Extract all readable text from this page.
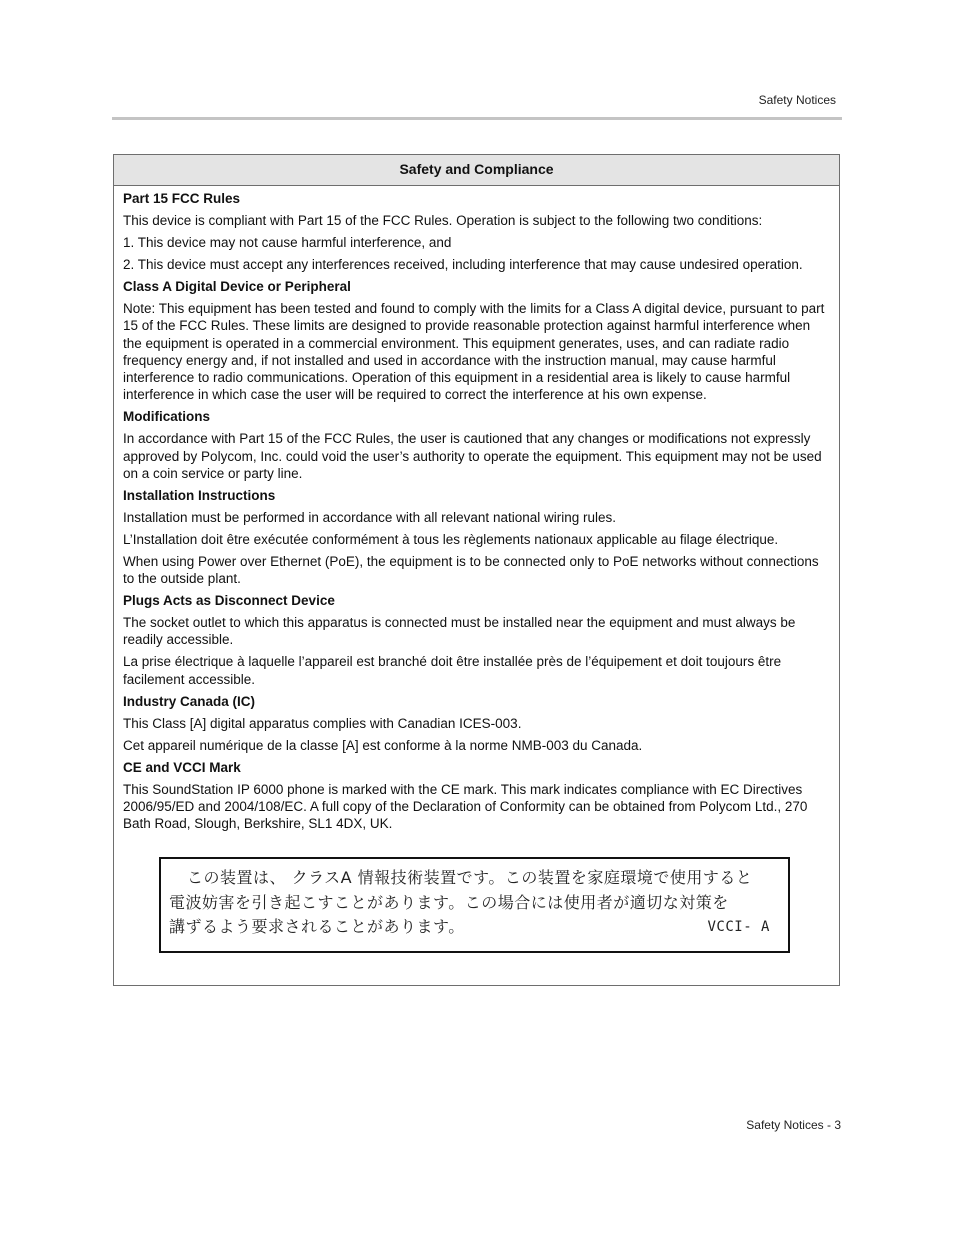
Safety Notices
Safety and Compliance
Part 15 FCC Rules
This device is compliant with Part 15 of the FCC Rules. Operation is subject to the following two conditions:
1. This device may not cause harmful interference, and
2. This device must accept any interferences received, including interference that may cause undesired operation.
Class A Digital Device or Peripheral
Note: This equipment has been tested and found to comply with the limits for a Class A digital device, pursuant to part 15 of the FCC Rules. These limits are designed to provide reasonable protection against harmful interference when the equipment is operated in a commercial environment. This equipment generates, uses, and can radiate radio frequency energy and, if not installed and used in accordance with the instruction manual, may cause harmful interference to radio communications. Operation of this equipment in a residential area is likely to cause harmful interference in which case the user will be required to correct the interference at his own expense.
Modifications
In accordance with Part 15 of the FCC Rules, the user is cautioned that any changes or modifications not expressly approved by Polycom, Inc. could void the user’s authority to operate the equipment. This equipment may not be used on a coin service or party line.
Installation Instructions
Installation must be performed in accordance with all relevant national wiring rules.
L’Installation doit être exécutée conformément à tous les règlements nationaux applicable au filage électrique.
When using Power over Ethernet (PoE), the equipment is to be connected only to PoE networks without connections to the outside plant.
Plugs Acts as Disconnect Device
The socket outlet to which this apparatus is connected must be installed near the equipment and must always be readily accessible.
La prise électrique à laquelle l’appareil est branché doit être installée près de l’équipement et doit toujours être facilement accessible.
Industry Canada (IC)
This Class [A] digital apparatus complies with Canadian ICES-003.
Cet appareil numérique de la classe [A] est conforme à la norme NMB-003 du Canada.
CE and VCCI Mark
This SoundStation IP 6000 phone is marked with the CE mark. This mark indicates compliance with EC Directives 2006/95/ED and 2004/108/EC. A full copy of the Declaration of Conformity can be obtained from Polycom Ltd., 270 Bath Road, Slough, Berkshire, SL1 4DX, UK.
この装置は、 クラスA 情報技術装置です。この装置を家庭環境で使用すると
電波妨害を引き起こすことがあります。この場合には使用者が適切な対策を
講ずるよう要求されることがあります。	VCCI- A
Safety Notices - 3
